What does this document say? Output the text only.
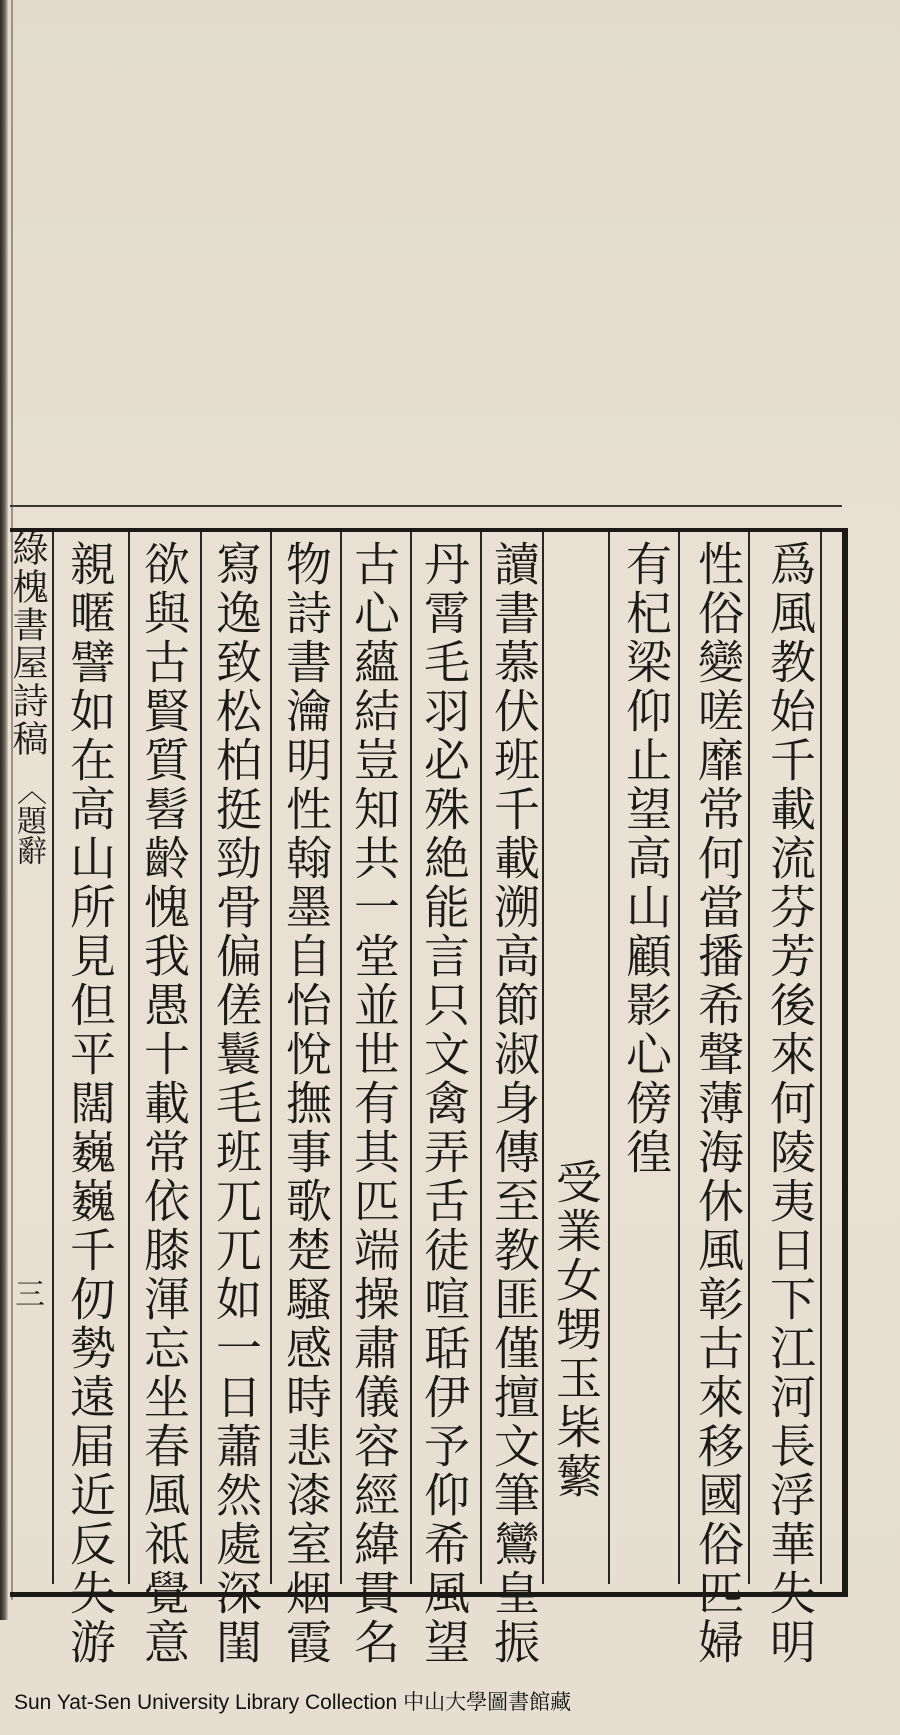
爲風教始千載流芬芳後來何陵夷日下江河長浮華失明
性俗變嗟靡常何當播希聲薄海休風彰古來移國俗匹婦
有杞梁仰止望高山顧影心傍徨
受業女甥玉枈蘩
讀書慕伏班千載溯高節淑身傳至教匪僅擅文筆鸞皇振
丹霄毛羽必殊絶能言只文禽弄舌徒喧聒伊予仰希風望
古心蘊結豈知共一堂並世有其匹端操肅儀容經緯貫名
物詩書瀹明性翰墨自怡悅撫事歌楚騷感時悲漆室烟霞
寫逸致松柏挺勁骨偏傞鬟毛班兀兀如一日蕭然處深閨
欲與古賢質髫齡愧我愚十載常依膝渾忘坐春風祗覺意
親暱譬如在高山所見但平闊巍巍千仞勢遠届近反失游
綠槐書屋詩稿
〈題辭
三
Sun Yat-Sen University Library Collection 中山大學圖書館藏
